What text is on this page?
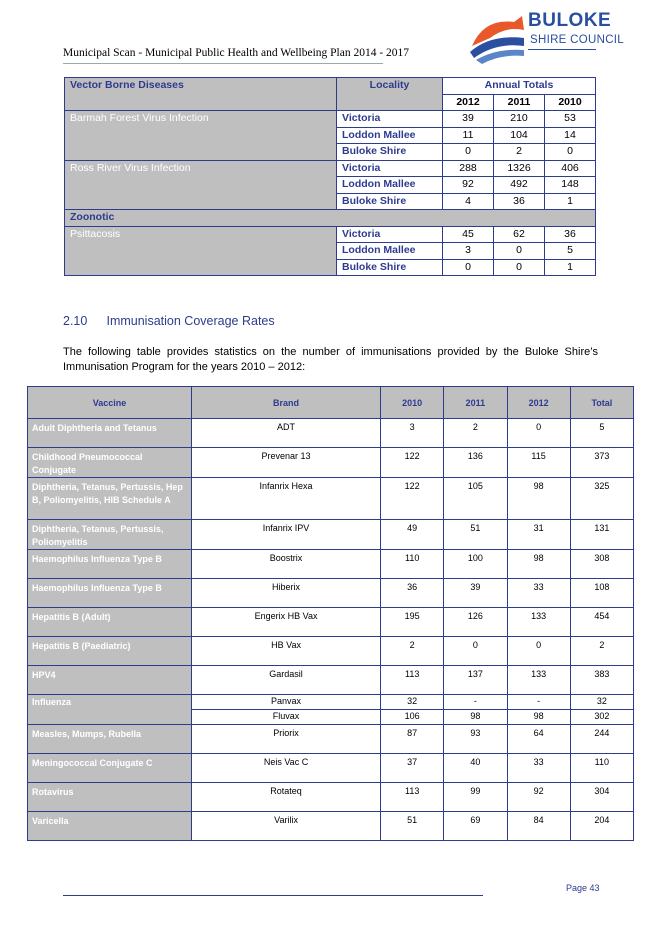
Municipal Scan - Municipal Public Health and Wellbeing Plan 2014 - 2017
BULOKE
SHIRE COUNCIL
Vector Borne Diseases	Locality	Annual Totals		
		2012	2011	2010
Barmah Forest Virus Infection	Victoria	39	210	53
	Loddon Mallee	11	104	14
	Buloke Shire	0	2	0
Ross River Virus Infection	Victoria	288	1326	406
	Loddon Mallee	92	492	148
	Buloke Shire	4	36	1
Zoonotic				
Psittacosis	Victoria	45	62	36
	Loddon Mallee	3	0	5
	Buloke Shire	0	0	1
2.10 Immunisation Coverage Rates
The following table provides statistics on the number of immunisations provided by the Buloke Shire’s Immunisation Program for the years 2010 – 2012:
Vaccine	Brand	2010	2011	2012	Total
Adult Diphtheria and Tetanus	ADT	3	2	0	5
Childhood Pneumococcal Conjugate	Prevenar 13	122	136	115	373
Diphtheria, Tetanus, Pertussis, Hep B, Poliomyelitis, HIB Schedule A	Infanrix Hexa	122	105	98	325
Diphtheria, Tetanus, Pertussis, Poliomyelitis	Infanrix IPV	49	51	31	131
Haemophilus Influenza Type B	Boostrix	110	100	98	308
Haemophilus Influenza Type B	Hiberix	36	39	33	108
Hepatitis B (Adult)	Engerix HB Vax	195	126	133	454
Hepatitis B (Paediatric)	HB Vax	2	0	0	2
HPV4	Gardasil	113	137	133	383
Influenza	Panvax	32	-	-	32
	Fluvax	106	98	98	302
Measles, Mumps, Rubella	Priorix	87	93	64	244
Meningococcal Conjugate C	Neis Vac C	37	40	33	110
Rotavirus	Rotateq	113	99	92	304
Varicella	Varilix	51	69	84	204
Page 43
